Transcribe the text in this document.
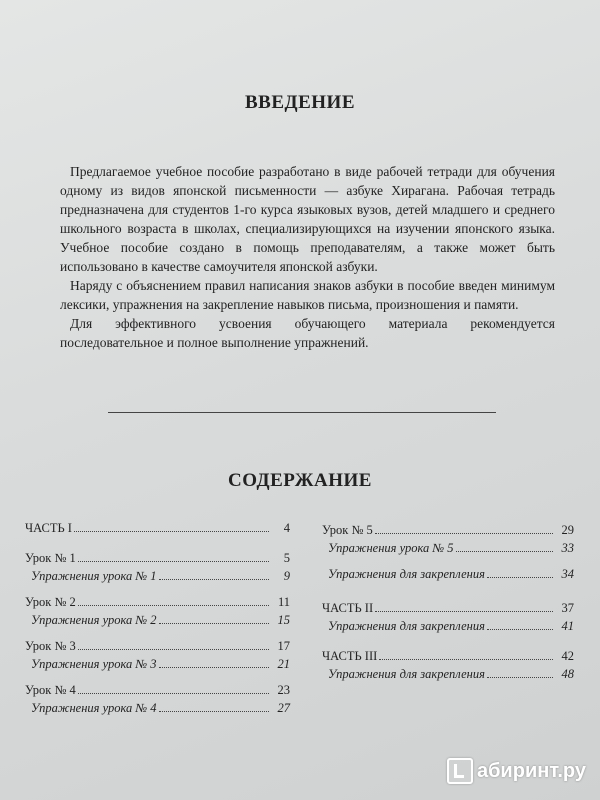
ВВЕДЕНИЕ

Предлагаемое учебное пособие разработано в виде рабочей тетради для обучения одному из видов японской письменности — азбуке Хирагана. Рабочая тетрадь предназначена для студентов 1-го курса языковых вузов, детей младшего и среднего школьного возраста в школах, специализирующихся на изучении японского языка. Учебное пособие создано в помощь преподавателям, а также может быть использовано в качестве самоучителя японской азбуки.

Наряду с объяснением правил написания знаков азбуки в пособие введен минимум лексики, упражнения на закрепление навыков письма, произношения и памяти.

Для эффективного усвоения обучающего материала рекомендуется последовательное и полное выполнение упражнений.

СОДЕРЖАНИЕ
ЧАСТЬ I	4
Урок № 1	5
Упражнения урока № 1	9
Урок № 2	11
Упражнения урока № 2	15
Урок № 3	17
Упражнения урока № 3	21
Урок № 4	23
Упражнения урока № 4	27
Урок № 5	29
Упражнения урока № 5	33
Упражнения для закрепления	34
ЧАСТЬ II	37
Упражнения для закрепления	41
ЧАСТЬ III	42
Упражнения для закрепления	48
абиринт.ру
